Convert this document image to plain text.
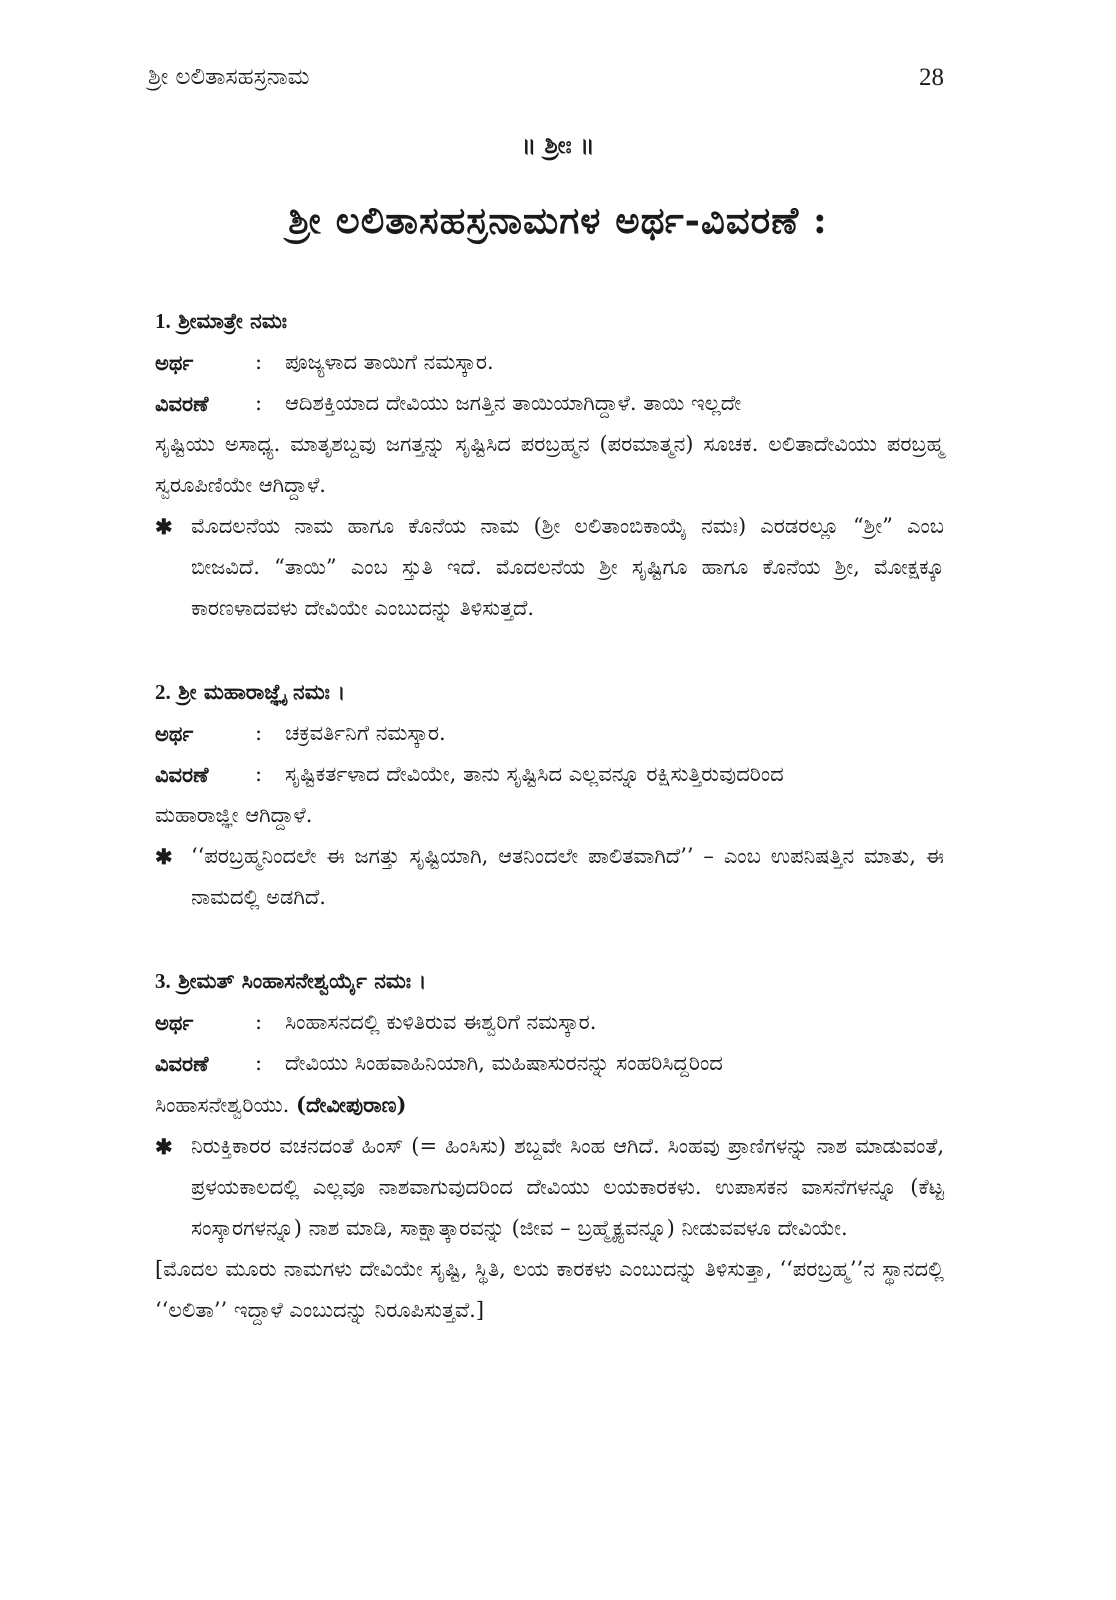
ಶ್ರೀ ಲಲಿತಾಸಹಸ್ರನಾಮ	28
॥ ಶ್ರೀಃ ॥
ಶ್ರೀ ಲಲಿತಾಸಹಸ್ರನಾಮಗಳ ಅರ್ಥ-ವಿವರಣೆ :
1. ಶ್ರೀಮಾತ್ರೇ ನಮಃ
ಅರ್ಥ	:	ಪೂಜ್ಯಳಾದ ತಾಯಿಗೆ ನಮಸ್ಕಾರ.
ವಿವರಣೆ	:	ಆದಿಶಕ್ತಿಯಾದ ದೇವಿಯು ಜಗತ್ತಿನ ತಾಯಿಯಾಗಿದ್ದಾಳೆ. ತಾಯಿ ಇಲ್ಲದೇ
ಸೃಷ್ಟಿಯು ಅಸಾಧ್ಯ. ಮಾತೃಶಬ್ದವು ಜಗತ್ತನ್ನು ಸೃಷ್ಟಿಸಿದ ಪರಬ್ರಹ್ಮನ (ಪರಮಾತ್ಮನ) ಸೂಚಕ. ಲಲಿತಾದೇವಿಯು ಪರಬ್ರಹ್ಮ ಸ್ವರೂಪಿಣಿಯೇ ಆಗಿದ್ದಾಳೆ.
✱ ಮೊದಲನೆಯ ನಾಮ ಹಾಗೂ ಕೊನೆಯ ನಾಮ (ಶ್ರೀ ಲಲಿತಾಂಬಿಕಾಯೈ ನಮಃ) ಎರಡರಲ್ಲೂ “ಶ್ರೀ” ಎಂಬ ಬೀಜವಿದೆ. “ತಾಯಿ” ಎಂಬ ಸ್ತುತಿ ಇದೆ. ಮೊದಲನೆಯ ಶ್ರೀ ಸೃಷ್ಟಿಗೂ ಹಾಗೂ ಕೊನೆಯ ಶ್ರೀ, ಮೋಕ್ಷಕ್ಕೂ ಕಾರಣಳಾದವಳು ದೇವಿಯೇ ಎಂಬುದನ್ನು ತಿಳಿಸುತ್ತದೆ.
2. ಶ್ರೀ ಮಹಾರಾಜ್ಞೈ ನಮಃ ।
ಅರ್ಥ	:	ಚಕ್ರವರ್ತಿನಿಗೆ ನಮಸ್ಕಾರ.
ವಿವರಣೆ	:	ಸೃಷ್ಟಿಕರ್ತಳಾದ ದೇವಿಯೇ, ತಾನು ಸೃಷ್ಟಿಸಿದ ಎಲ್ಲವನ್ನೂ ರಕ್ಷಿಸುತ್ತಿರುವುದರಿಂದ
ಮಹಾರಾಜ್ಞೀ ಆಗಿದ್ದಾಳೆ.
✱ ‘‘ಪರಬ್ರಹ್ಮನಿಂದಲೇ ಈ ಜಗತ್ತು ಸೃಷ್ಟಿಯಾಗಿ, ಆತನಿಂದಲೇ ಪಾಲಿತವಾಗಿದೆ’’ – ಎಂಬ ಉಪನಿಷತ್ತಿನ ಮಾತು, ಈ ನಾಮದಲ್ಲಿ ಅಡಗಿದೆ.
3. ಶ್ರೀಮತ್ ಸಿಂಹಾಸನೇಶ್ವರ್ಯೈ ನಮಃ ।
ಅರ್ಥ	:	ಸಿಂಹಾಸನದಲ್ಲಿ ಕುಳಿತಿರುವ ಈಶ್ವರಿಗೆ ನಮಸ್ಕಾರ.
ವಿವರಣೆ	:	ದೇವಿಯು ಸಿಂಹವಾಹಿನಿಯಾಗಿ, ಮಹಿಷಾಸುರನನ್ನು ಸಂಹರಿಸಿದ್ದರಿಂದ
ಸಿಂಹಾಸನೇಶ್ವರಿಯು. (ದೇವೀಪುರಾಣ)
✱ ನಿರುಕ್ತಿಕಾರರ ವಚನದಂತೆ ಹಿಂಸ್ (= ಹಿಂಸಿಸು) ಶಬ್ದವೇ ಸಿಂಹ ಆಗಿದೆ. ಸಿಂಹವು ಪ್ರಾಣಿಗಳನ್ನು ನಾಶ ಮಾಡುವಂತೆ, ಪ್ರಳಯಕಾಲದಲ್ಲಿ ಎಲ್ಲವೂ ನಾಶವಾಗುವುದರಿಂದ ದೇವಿಯು ಲಯಕಾರಕಳು. ಉಪಾಸಕನ ವಾಸನೆಗಳನ್ನೂ (ಕೆಟ್ಟ ಸಂಸ್ಕಾರಗಳನ್ನೂ) ನಾಶ ಮಾಡಿ, ಸಾಕ್ಷಾತ್ಕಾರವನ್ನು (ಜೀವ – ಬ್ರಹ್ಮೈಕ್ಯವನ್ನೂ) ನೀಡುವವಳೂ ದೇವಿಯೇ.
[ಮೊದಲ ಮೂರು ನಾಮಗಳು ದೇವಿಯೇ ಸೃಷ್ಟಿ, ಸ್ಥಿತಿ, ಲಯ ಕಾರಕಳು ಎಂಬುದನ್ನು ತಿಳಿಸುತ್ತಾ, ‘‘ಪರಬ್ರಹ್ಮ’’ನ ಸ್ಥಾನದಲ್ಲಿ ‘‘ಲಲಿತಾ’’ ಇದ್ದಾಳೆ ಎಂಬುದನ್ನು ನಿರೂಪಿಸುತ್ತವೆ.]
